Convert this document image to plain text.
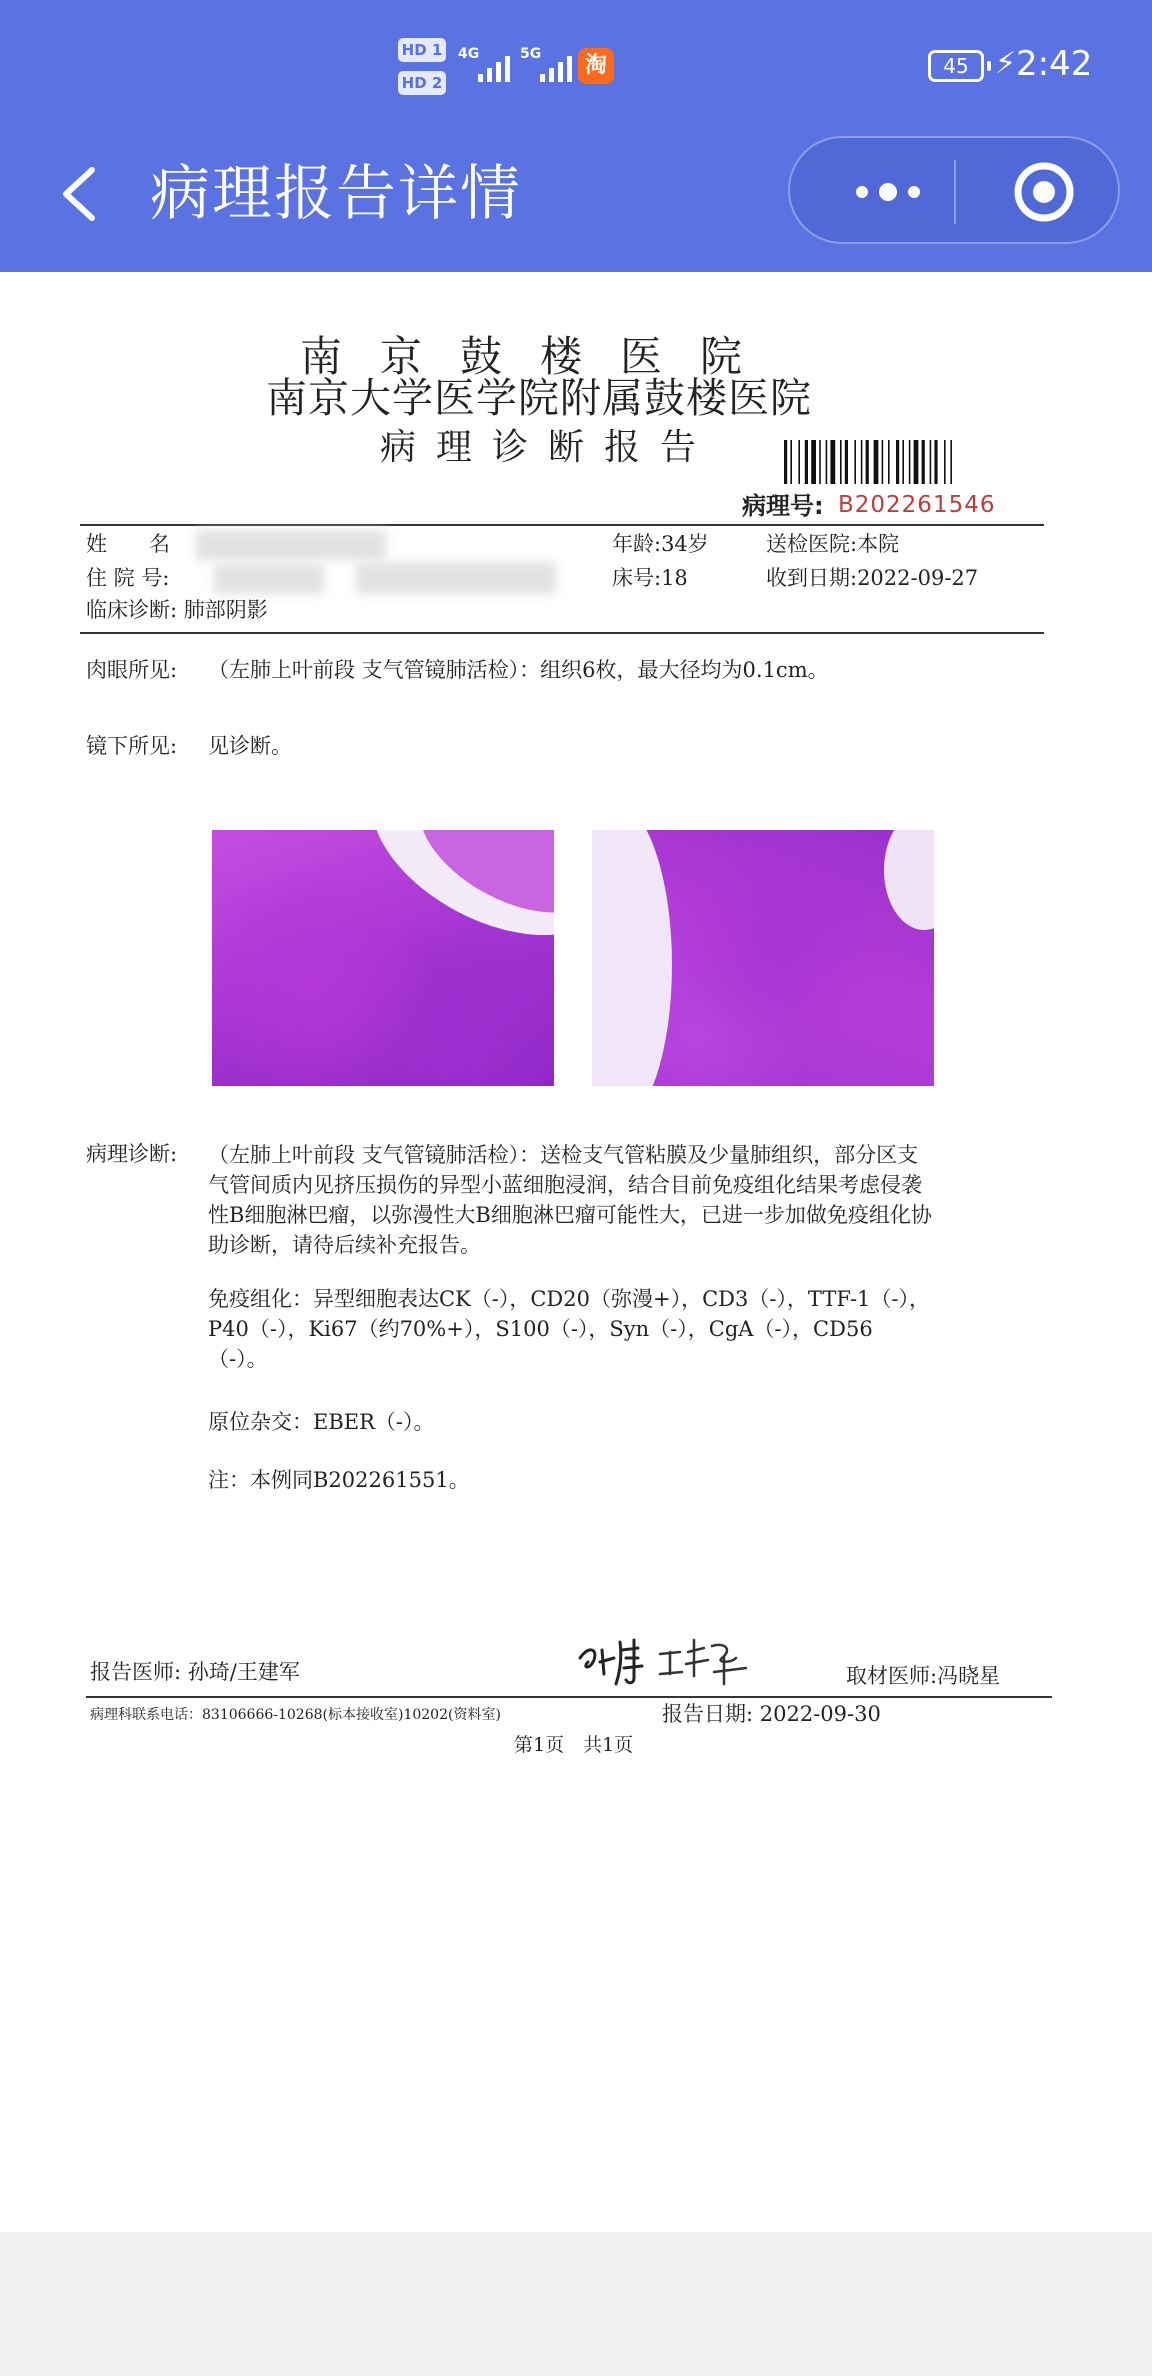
HD 1
HD 2
4G	5G	淘	45 ⚡ 2:42
病理报告详情
南京鼓楼医院
南京大学医学院附属鼓楼医院
病理诊断报告
病理号: B202261546
姓　　名	年龄:34岁	送检医院:本院
住 院 号:	床号:18	收到日期:2022-09-27
临床诊断: 肺部阴影
肉眼所见: （左肺上叶前段 支气管镜肺活检）：组织6枚，最大径均为0.1cm。
镜下所见: 见诊断。
病理诊断: （左肺上叶前段 支气管镜肺活检）：送检支气管粘膜及少量肺组织，部分区支
气管间质内见挤压损伤的异型小蓝细胞浸润，结合目前免疫组化结果考虑侵袭
性B细胞淋巴瘤，以弥漫性大B细胞淋巴瘤可能性大，已进一步加做免疫组化协
助诊断，请待后续补充报告。
免疫组化：异型细胞表达CK（-），CD20（弥漫+），CD3（-），TTF-1（-），
P40（-），Ki67（约70%+），S100（-），Syn（-），CgA（-），CD56
（-）。
原位杂交：EBER（-）。
注：本例同B202261551。
报告医师: 孙琦/王建军	取材医师:冯晓星
病理科联系电话：83106666-10268(标本接收室)10202(资料室)	报告日期: 2022-09-30
第1页　共1页
